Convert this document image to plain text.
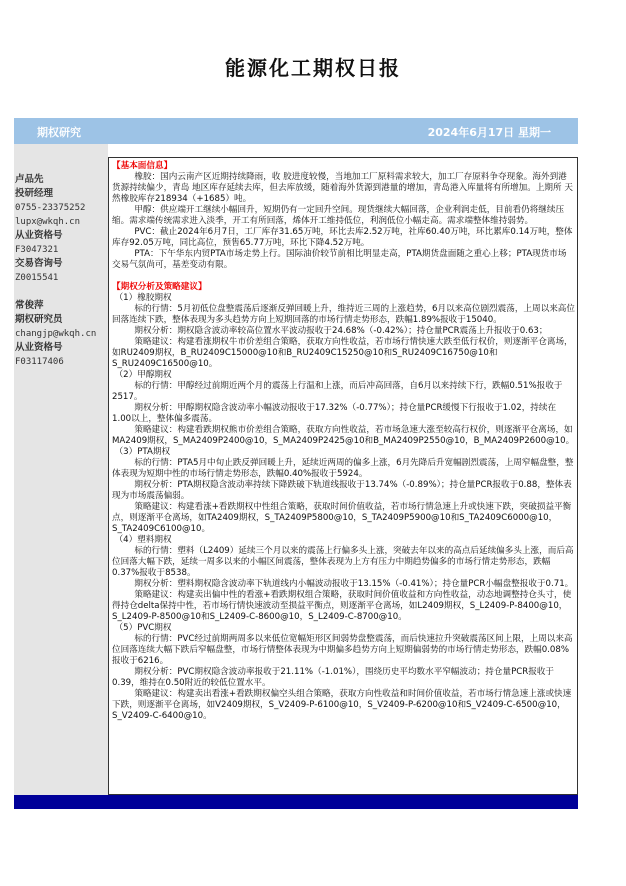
能源化工期权日报
期权研究	2024年6月17日 星期一
卢品先
投研经理
0755-23375252
lupx@wkqh.cn
从业资格号
F3047321
交易咨询号
Z0015541
常俊萍
期权研究员
changjp@wkqh.cn
从业资格号
F03117406

【基本面信息】

橡胶：国内云南产区近期持续降雨，收 胶进度较慢，当地加工厂原料需求较大，加工厂存原料争夺现象。海外到港货源持续偏少，青岛 地区库存延续去库，但去库放缓，随着海外货源到港量的增加，青岛港入库量将有所增加。上期所 天然橡胶库存218934（+1685）吨。

甲醇：供应端开工继续小幅回升，短期仍有一定回升空间。现货继续大幅回落，企业利润走低，目前看仍将继续压缩。需求端传统需求进入淡季，开工有所回落，烯体开工维持低位，利润低位小幅走高。需求端整体维持弱势。

PVC：截止2024年6月7日，工厂库存31.65万吨，环比去库2.52万吨，社库60.40万吨，环比累库0.14万吨，整体库存92.05万吨，同比高位，预售65.77万吨，环比下降4.52万吨。

PTA：下午华东内贸PTA市场走势上行。国际油价较节前相比明显走高，PTA期货盘面随之重心上移；PTA现货市场交易气氛尚可，基差变动有限。

【期权分析及策略建议】

（1）橡胶期权

标的行情：5月初低位盘整震荡后逐渐反弹回暖上升，维持近三周的上涨趋势，6月以来高位剧烈震荡，上周以来高位回落连续下跌，整体表现为多头趋势方向上短期回落的市场行情走势形态，跌幅1.89%报收于15040。

期权分析：期权隐含波动率较高位置水平波动报收于24.68%（-0.42%）；持仓量PCR震荡上升报收于0.63；

策略建议：构建看涨期权牛市价差组合策略，获取方向性收益，若市场行情快速大跌至低行权价，则逐渐平仓离场，如RU2409期权，B_RU2409C15000@10和B_RU2409C15250@10和S_RU2409C16750@10和S_RU2409C16500@10。

（2）甲醇期权

标的行情：甲醇经过前期近两个月的震荡上行温和上涨，而后冲高回落，自6月以来持续下行，跌幅0.51%报收于2517。

期权分析：甲醇期权隐含波动率小幅波动报收于17.32%（-0.77%）；持仓量PCR缓慢下行报收于1.02，持续在1.00以上，整体偏多震荡。

策略建议：构建看跌期权熊市价差组合策略，获取方向性收益，若市场急速大涨至较高行权价，则逐渐平仓离场，如MA2409期权，S_MA2409P2400@10，S_MA2409P2425@10和B_MA2409P2550@10，B_MA2409P2600@10。

（3）PTA期权

标的行情：PTA5月中旬止跌反弹回暖上升，延续近两周的偏多上涨，6月先降后升宽幅剧烈震荡，上周窄幅盘整，整体表现为短期中性的市场行情走势形态，跌幅0.40%报收于5924。

期权分析：PTA期权隐含波动率持续下降跌破下轨道线报收于13.74%（-0.89%）；持仓量PCR报收于0.88，整体表现为市场震荡偏弱。

策略建议：构建看涨+看跌期权中性组合策略，获取时间价值收益，若市场行情急速上升或快速下跌，突破损益平衡点，则逐渐平仓离场，如TA2409期权，S_TA2409P5800@10，S_TA2409P5900@10和S_TA2409C6000@10，S_TA2409C6100@10。

（4）塑料期权

标的行情：塑料（L2409）延续三个月以来的震荡上行偏多头上涨，突破去年以来的高点后延续偏多头上涨，而后高位回落大幅下跌，延续一周多以来的小幅区间震荡，整体表现为上方有压力中期趋势偏多的市场行情走势形态，跌幅0.37%报收于8538。

期权分析：塑料期权隐含波动率下轨道线内小幅波动报收于13.15%（-0.41%）；持仓量PCR小幅盘整报收于0.71。

策略建议：构建卖出偏中性的看涨+看跌期权组合策略，获取时间价值收益和方向性收益，动态地调整持仓头寸，使得持仓delta保持中性，若市场行情快速波动至损益平衡点，则逐渐平仓离场，如L2409期权，S_L2409-P-8400@10，S_L2409-P-8500@10和S_L2409-C-8600@10，S_L2409-C-8700@10。

（5）PVC期权

标的行情：PVC经过前期两周多以来低位宽幅矩形区间弱势盘整震荡，而后快速拉升突破震荡区间上限，上周以来高位回落连续大幅下跌后窄幅盘整，市场行情整体表现为中期偏多趋势方向上短期偏弱势的市场行情走势形态，跌幅0.08%报收于6216。

期权分析：PVC期权隐含波动率报收于21.11%（-1.01%），围绕历史平均数水平窄幅波动；持仓量PCR报收于0.39，维持在0.50附近的较低位置水平。

策略建议：构建卖出看涨+看跌期权偏空头组合策略，获取方向性收益和时间价值收益，若市场行情急速上涨或快速下跌，则逐渐平仓离场，如V2409期权，S_V2409-P-6100@10，S_V2409-P-6200@10和S_V2409-C-6500@10，S_V2409-C-6400@10。
